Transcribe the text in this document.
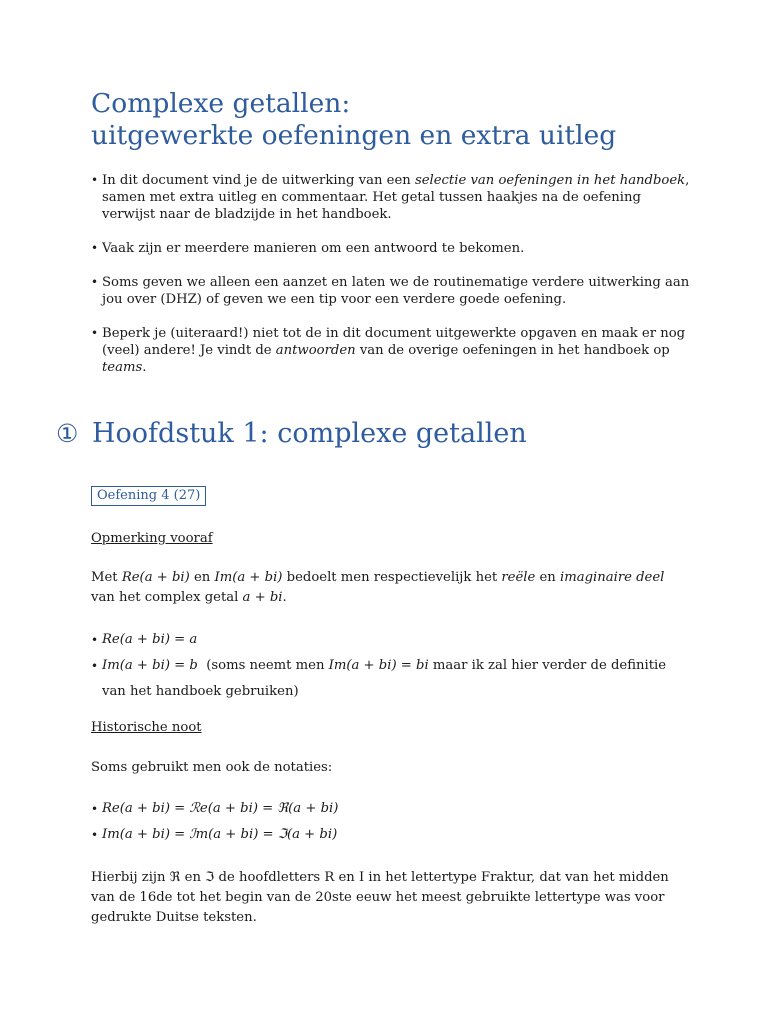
Complexe getallen:
uitgewerkte oefeningen en extra uitleg
• In dit document vind je de uitwerking van een selectie van oefeningen in het handboek, samen met extra uitleg en commentaar. Het getal tussen haakjes na de oefening verwijst naar de bladzijde in het handboek.
• Vaak zijn er meerdere manieren om een antwoord te bekomen.
• Soms geven we alleen een aanzet en laten we de routinematige verdere uitwerking aan jou over (DHZ) of geven we een tip voor een verdere goede oefening.
• Beperk je (uiteraard!) niet tot de in dit document uitgewerkte opgaven en maak er nog (veel) andere! Je vindt de antwoorden van de overige oefeningen in het handboek op teams.
① Hoofdstuk 1: complexe getallen
Oefening 4 (27)
Opmerking vooraf
Met Re(a + bi) en Im(a + bi) bedoelt men respectievelijk het reële en imaginaire deel
van het complex getal a + bi.
• Re(a + bi) = a
• Im(a + bi) = b  (soms neemt men Im(a + bi) = bi maar ik zal hier verder de definitie van het handboek gebruiken)
Historische noot
Soms gebruikt men ook de notaties:
• Re(a + bi) = ℛe(a + bi) = ℜ(a + bi)
• Im(a + bi) = ℐm(a + bi) = ℑ(a + bi)
Hierbij zijn ℜ en ℑ de hoofdletters R en I in het lettertype Fraktur, dat van het midden van de 16de tot het begin van de 20ste eeuw het meest gebruikte lettertype was voor gedrukte Duitse teksten.
